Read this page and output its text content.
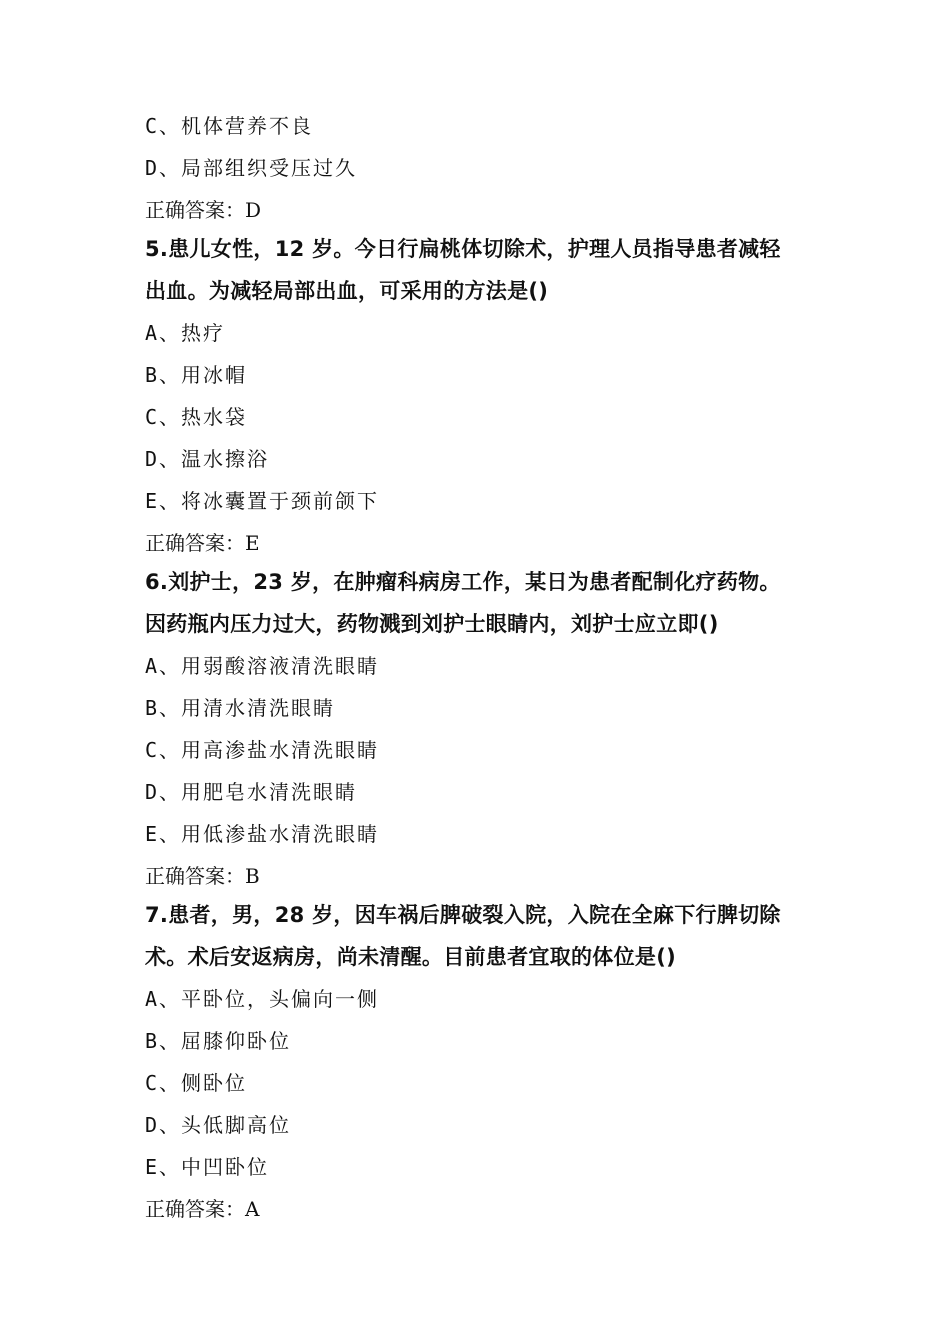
C、机体营养不良
D、局部组织受压过久
正确答案：D
5.患儿女性，12 岁。今日行扁桃体切除术，护理人员指导患者减轻
出血。为减轻局部出血，可采用的方法是()
A、热疗
B、用冰帽
C、热水袋
D、温水擦浴
E、将冰囊置于颈前颌下
正确答案：E
6.刘护士，23 岁，在肿瘤科病房工作，某日为患者配制化疗药物。
因药瓶内压力过大，药物溅到刘护士眼睛内，刘护士应立即()
A、用弱酸溶液清洗眼睛
B、用清水清洗眼睛
C、用高渗盐水清洗眼睛
D、用肥皂水清洗眼睛
E、用低渗盐水清洗眼睛
正确答案：B
7.患者，男，28 岁，因车祸后脾破裂入院，入院在全麻下行脾切除
术。术后安返病房，尚未清醒。目前患者宜取的体位是()
A、平卧位，头偏向一侧
B、屈膝仰卧位
C、侧卧位
D、头低脚高位
E、中凹卧位
正确答案：A
